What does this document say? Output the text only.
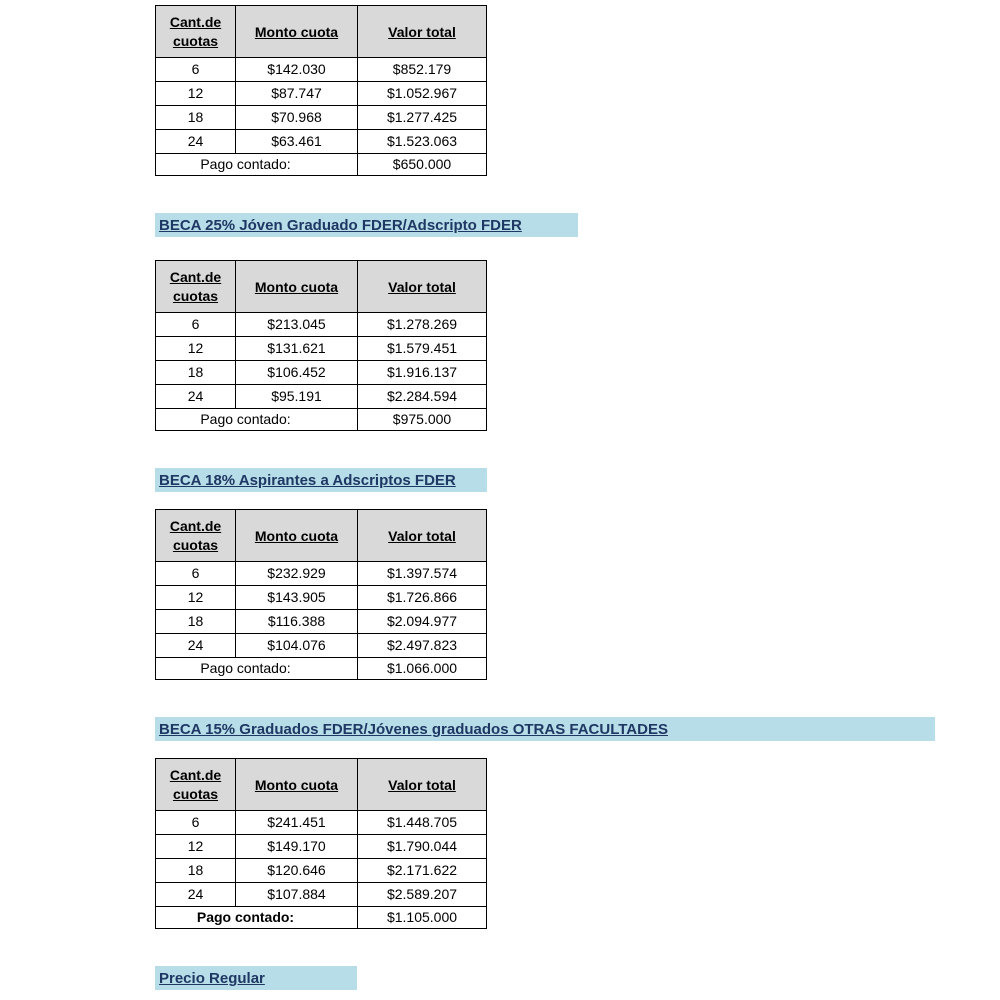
Cant.de
cuotas	Monto cuota	Valor total
6	$142.030	$852.179
12	$87.747	$1.052.967
18	$70.968	$1.277.425
24	$63.461	$1.523.063
Pago contado:		$650.000
BECA 25% Jóven Graduado FDER/Adscripto FDER
Cant.de
cuotas	Monto cuota	Valor total
6	$213.045	$1.278.269
12	$131.621	$1.579.451
18	$106.452	$1.916.137
24	$95.191	$2.284.594
Pago contado:		$975.000
BECA 18% Aspirantes a Adscriptos FDER
Cant.de
cuotas	Monto cuota	Valor total
6	$232.929	$1.397.574
12	$143.905	$1.726.866
18	$116.388	$2.094.977
24	$104.076	$2.497.823
Pago contado:		$1.066.000
BECA 15% Graduados FDER/Jóvenes graduados OTRAS FACULTADES
Cant.de
cuotas	Monto cuota	Valor total
6	$241.451	$1.448.705
12	$149.170	$1.790.044
18	$120.646	$2.171.622
24	$107.884	$2.589.207
Pago contado:		$1.105.000
Precio Regular
